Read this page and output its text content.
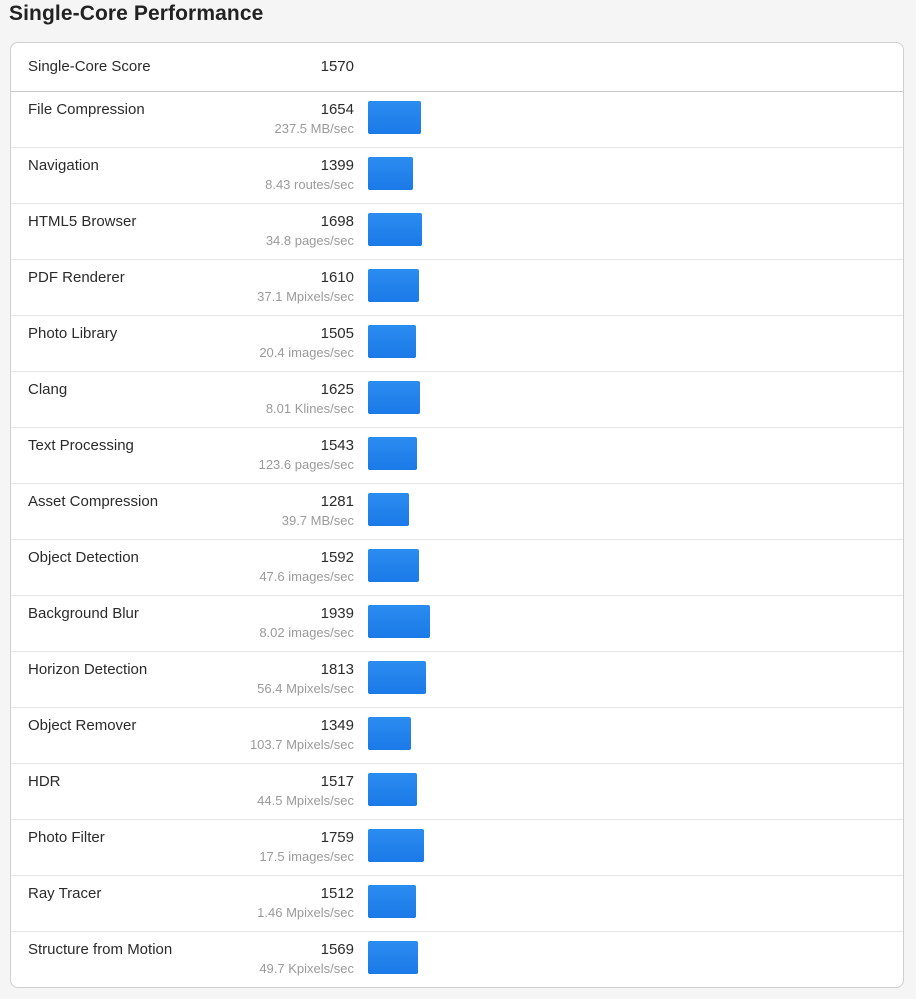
Single-Core Performance
Single-Core Score	1570
File Compression	1654
237.5 MB/sec
Navigation	1399
8.43 routes/sec
HTML5 Browser	1698
34.8 pages/sec
PDF Renderer	1610
37.1 Mpixels/sec
Photo Library	1505
20.4 images/sec
Clang	1625
8.01 Klines/sec
Text Processing	1543
123.6 pages/sec
Asset Compression	1281
39.7 MB/sec
Object Detection	1592
47.6 images/sec
Background Blur	1939
8.02 images/sec
Horizon Detection	1813
56.4 Mpixels/sec
Object Remover	1349
103.7 Mpixels/sec
HDR	1517
44.5 Mpixels/sec
Photo Filter	1759
17.5 images/sec
Ray Tracer	1512
1.46 Mpixels/sec
Structure from Motion	1569
49.7 Kpixels/sec
